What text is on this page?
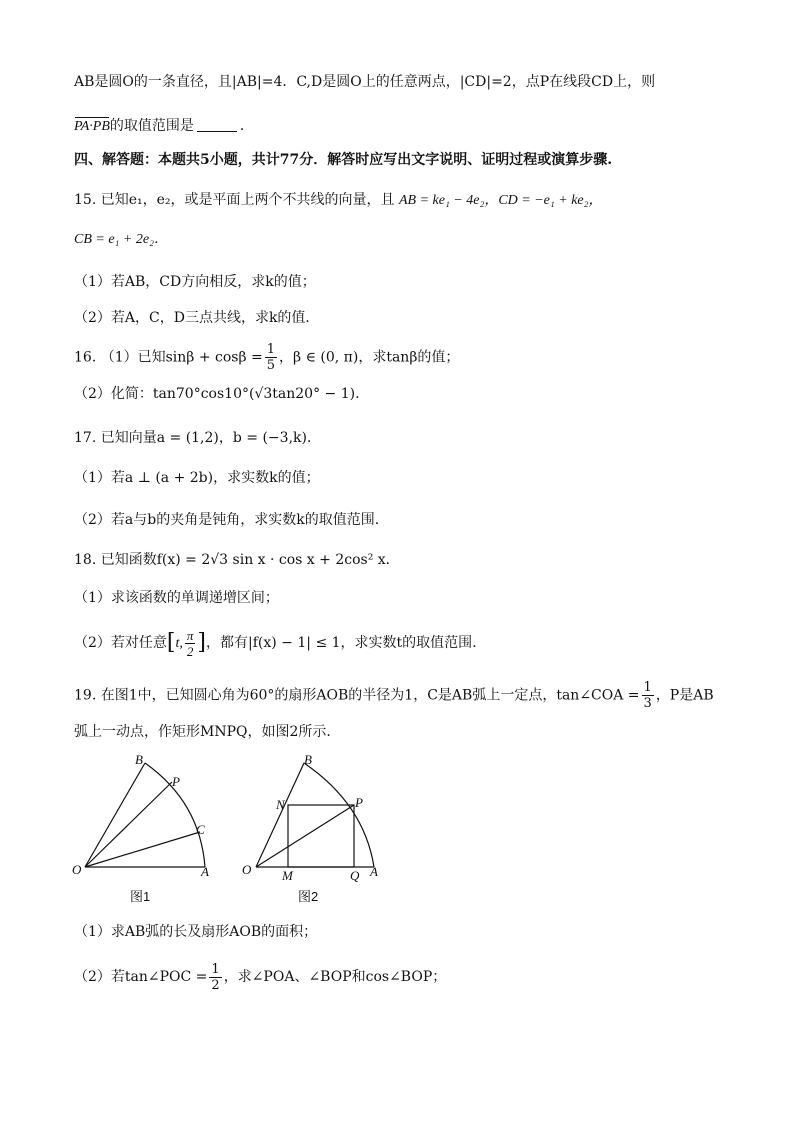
AB是圆O的一条直径，且|AB|=4．C,D是圆O上的任意两点，|CD|=2，点P在线段CD上，则
PA·PB的取值范围是	．
四、解答题：本题共5小题，共计77分．解答时应写出文字说明、证明过程或演算步骤.
15. 已知e₁，e₂，或是平面上两个不共线的向量，且 AB = ke₁ − 4e₂，CD = −e₁ + ke₂，
CB = e₁ + 2e₂．
（1）若AB，CD方向相反，求k的值；
（2）若A，C，D三点共线，求k的值．
16. （1）已知$\sin\beta + \cos\beta = \frac{1}{5}$ ，β ∈ (0, π)，求tanβ的值；
（2）化简：tan70°cos10°(√3tan20° − 1).
17. 已知向量a = (1,2)，b = (−3,k)．
（1）若a ⊥ (a + 2b)，求实数k的值；
（2）若a与b的夹角是钝角，求实数k的取值范围．
18. 已知函数f(x) = 2√3 sin x · cos x + 2cos² x．
（1）求该函数的单调递增区间；
（2）若对任意[t, $\frac{\pi}{2}$ ]，都有|f(x) − 1| ≤ 1，求实数t的取值范围.
19. 在图1中，已知圆心角为60°的扇形AOB的半径为1，C是AB弧上一定点，tan∠COA = $\frac{1}{3}$ ，P是AB
弧上一动点，作矩形MNPQ，如图2所示．
B
P
C
O	A
图1
B
N	P
O M	Q A
图2
（1）求AB弧的长及扇形AOB的面积；
（2）若tan∠POC = $\frac{1}{2}$ ，求∠POA、∠BOP和cos∠BOP；
